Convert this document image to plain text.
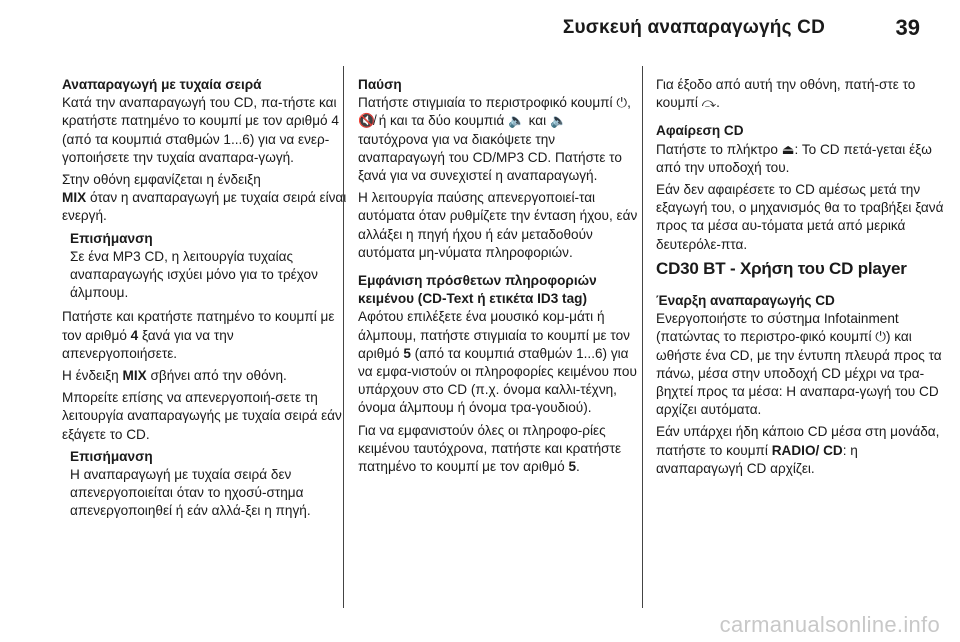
Συσκευή αναπαραγωγής CD	39

Αναπαραγωγή με τυχαία σειρά

Κατά την αναπαραγωγή του CD, πα-τήστε και κρατήστε πατημένο το κουμπί με τον αριθμό 4 (από τα κουμπιά σταθμών 1...6) για να ενερ-γοποιήσετε την τυχαία αναπαρα-γωγή.

Στην οθόνη εμφανίζεται η ένδειξη
MIX όταν η αναπαραγωγή με τυχαία σειρά είναι ενεργή.

Επισήμανση
Σε ένα MP3 CD, η λειτουργία τυχαίας αναπαραγωγής ισχύει μόνο για το τρέχον άλμπουμ.

Πατήστε και κρατήστε πατημένο το κουμπί με τον αριθμό 4 ξανά για να την απενεργοποιήσετε.

Η ένδειξη MIX σβήνει από την οθόνη.

Μπορείτε επίσης να απενεργοποιή-σετε τη λειτουργία αναπαραγωγής με τυχαία σειρά εάν εξάγετε το CD.

Επισήμανση
Η αναπαραγωγή με τυχαία σειρά δεν απενεργοποιείται όταν το ηχοσύ-στημα απενεργοποιηθεί ή εάν αλλά-ξει η πηγή.

Παύση

Πατήστε στιγμιαία το περιστροφικό κουμπί ⏻, 🔇̸ ή και τα δύο κουμπιά 🔈 και 🔈 ταυτόχρονα για να διακόψετε την αναπαραγωγή του CD/MP3 CD. Πατήστε το ξανά για να συνεχιστεί η αναπαραγωγή.

Η λειτουργία παύσης απενεργοποιεί-ται αυτόματα όταν ρυθμίζετε την ένταση ήχου, εάν αλλάξει η πηγή ήχου ή εάν μεταδοθούν αυτόματα μη-νύματα πληροφοριών.

Εμφάνιση πρόσθετων πληροφοριών κειμένου (CD-Text ή ετικέτα ID3 tag)

Αφότου επιλέξετε ένα μουσικό κομ-μάτι ή άλμπουμ, πατήστε στιγμιαία το κουμπί με τον αριθμό 5 (από τα κουμπιά σταθμών 1...6) για να εμφα-νιστούν οι πληροφορίες κειμένου που υπάρχουν στο CD (π.χ. όνομα καλλι-τέχνη, όνομα άλμπουμ ή όνομα τρα-γουδιού).

Για να εμφανιστούν όλες οι πληροφο-ρίες κειμένου ταυτόχρονα, πατήστε και κρατήστε πατημένο το κουμπί με τον αριθμό 5.

Για έξοδο από αυτή την οθόνη, πατή-στε το κουμπί ⤼.

Αφαίρεση CD

Πατήστε το πλήκτρο ⏏: Το CD πετά-γεται έξω από την υποδοχή του.

Εάν δεν αφαιρέσετε το CD αμέσως μετά την εξαγωγή του, ο μηχανισμός θα το τραβήξει ξανά προς τα μέσα αυ-τόματα μετά από μερικά δευτερόλε-πτα.

CD30 BT - Χρήση του CD player

Έναρξη αναπαραγωγής CD

Ενεργοποιήστε το σύστημα Infotainment (πατώντας το περιστρο-φικό κουμπί ⏻) και ωθήστε ένα CD, με την έντυπη πλευρά προς τα πάνω, μέσα στην υποδοχή CD μέχρι να τρα-βηχτεί προς τα μέσα: Η αναπαρα-γωγή του CD αρχίζει αυτόματα.

Εάν υπάρχει ήδη κάποιο CD μέσα στη μονάδα, πατήστε το κουμπί RADIO/ CD: η αναπαραγωγή CD αρχίζει.

carmanualsonline.info
